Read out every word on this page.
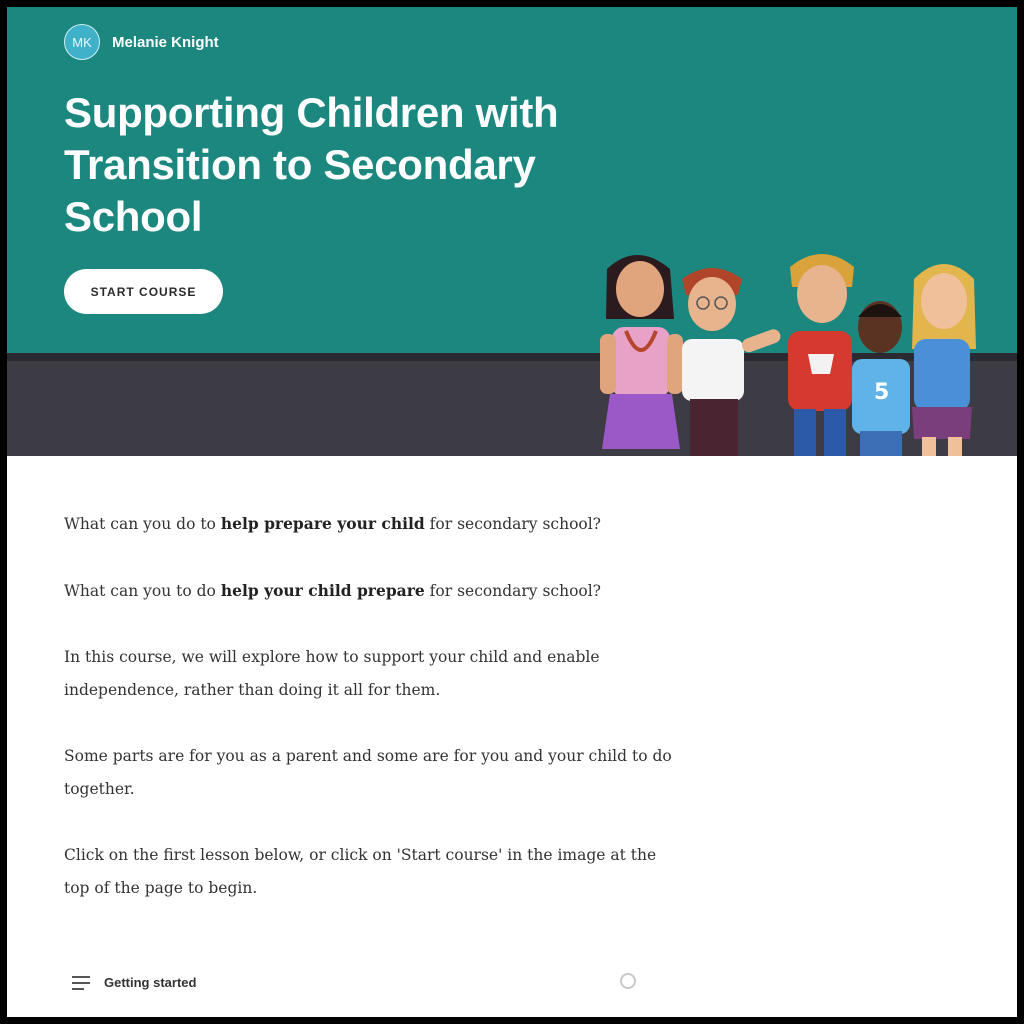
MK	Melanie Knight
Supporting Children with Transition to Secondary School
START COURSE
5

What can you do to help prepare your child for secondary school?

What can you to do help your child prepare for secondary school?

In this course, we will explore how to support your child and enable independence, rather than doing it all for them.

Some parts are for you as a parent and some are for you and your child to do together.

Click on the first lesson below, or click on 'Start course' in the image at the top of the page to begin.

Getting started
